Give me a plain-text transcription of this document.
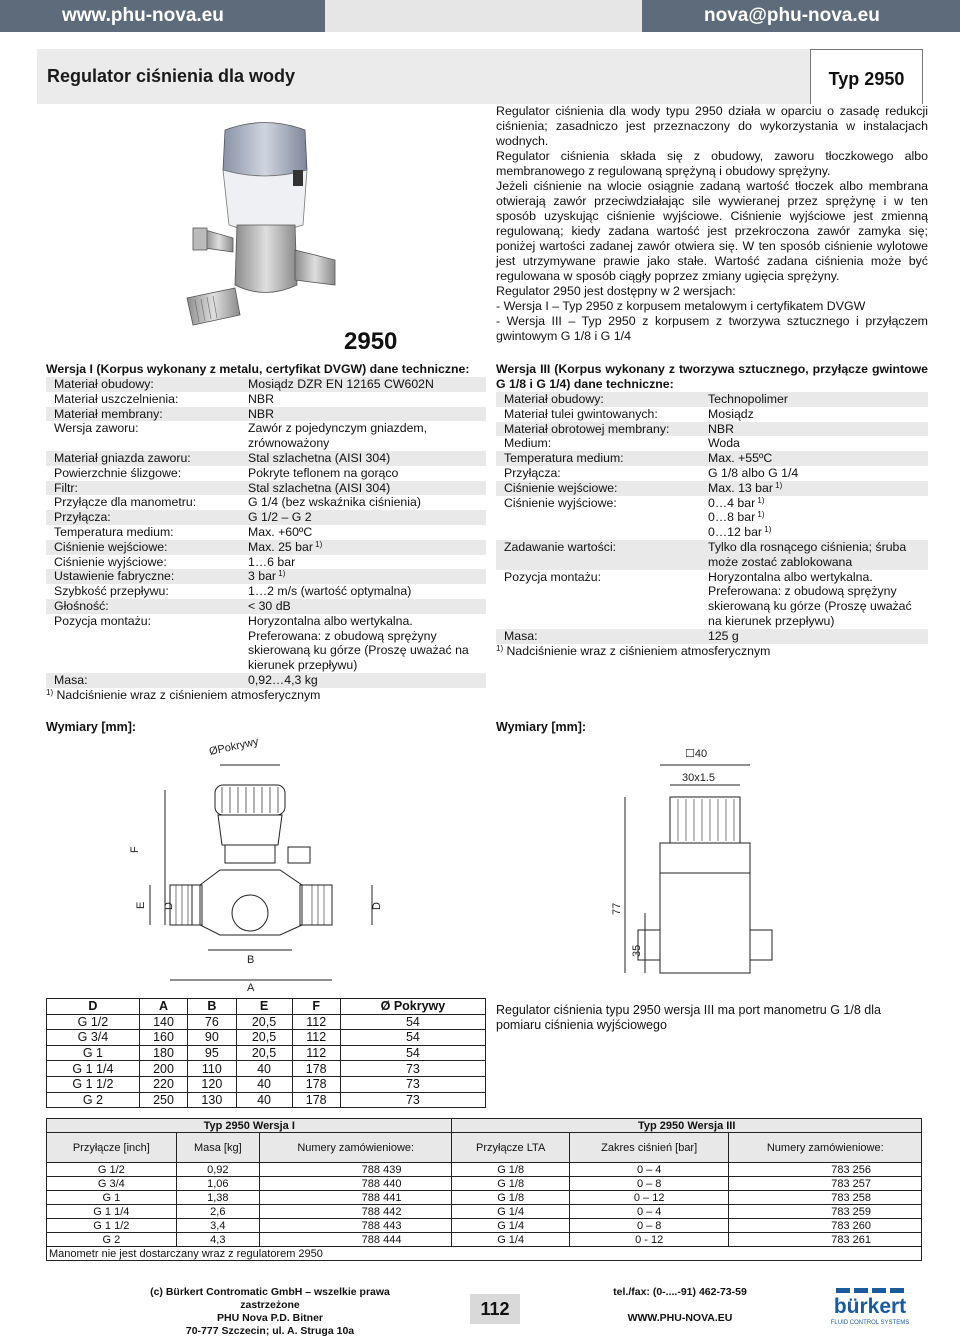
www.phu-nova.eu	nova@phu-nova.eu
Regulator ciśnienia dla wody	Typ 2950
2950

Regulator ciśnienia dla wody typu 2950 działa w oparciu o zasadę redukcji ciśnienia; zasadniczo jest przeznaczony do wykorzystania w instalacjach wodnych.

Regulator ciśnienia składa się z obudowy, zaworu tłoczkowego albo membranowego z regulowaną sprężyną i obudowy sprężyny.

Jeżeli ciśnienie na wlocie osiągnie zadaną wartość tłoczek albo membrana otwierają zawór przeciwdziałając sile wywieranej przez sprężynę i w ten sposób uzyskując ciśnienie wyjściowe. Ciśnienie wyjściowe jest zmienną regulowaną; kiedy zadana wartość jest przekroczona zawór zamyka się; poniżej wartości zadanej zawór otwiera się. W ten sposób ciśnienie wylotowe jest utrzymywane prawie jako stałe. Wartość zadana ciśnienia może być regulowana w sposób ciągły poprzez zmiany ugięcia sprężyny.

Regulator 2950 jest dostępny w 2 wersjach:

- Wersja I – Typ 2950 z korpusem metalowym i certyfikatem DVGW

- Wersja III – Typ 2950 z korpusem z tworzywa sztucznego i przyłączem gwintowym G 1/8 i G 1/4

Wersja I (Korpus wykonany z metalu, certyfikat DVGW) dane techniczne:
Materiał obudowy:	Mosiądz DZR EN 12165 CW602N
Materiał uszczelnienia:	NBR
Materiał membrany:	NBR
Wersja zaworu:	Zawór z pojedynczym gniazdem, zrównoważony
Materiał gniazda zaworu:	Stal szlachetna (AISI 304)
Powierzchnie ślizgowe:	Pokryte teflonem na gorąco
Filtr:	Stal szlachetna (AISI 304)
Przyłącze dla manometru:	G 1/4 (bez wskaźnika ciśnienia)
Przyłącza:	G 1/2 – G 2
Temperatura medium:	Max. +60ºC
Ciśnienie wejściowe:	Max. 25 bar $^{1)}$
Ciśnienie wyjściowe:	1…6 bar
Ustawienie fabryczne:	3 bar $^{1)}$
Szybkość przepływu:	1…2 m/s (wartość optymalna)
Głośność:	< 30 dB
Pozycja montażu:	Horyzontalna albo wertykalna. Preferowana: z obudową sprężyny skierowaną ku górze (Proszę uważać na kierunek przepływu)
Masa:	0,92…4,3 kg
$^{1)}$ Nadciśnienie wraz z ciśnieniem atmosferycznym
Wersja III (Korpus wykonany z tworzywa sztucznego, przyłącze gwintowe G 1/8 i G 1/4) dane techniczne:
Materiał obudowy:	Technopolimer
Materiał tulei gwintowanych:	Mosiądz
Materiał obrotowej membrany:	NBR
Medium:	Woda
Temperatura medium:	Max. +55ºC
Przyłącza:	G 1/8 albo G 1/4
Ciśnienie wejściowe:	Max. 13 bar $^{1)}$
Ciśnienie wyjściowe:	0…4 bar $^{1)}$
0…8 bar $^{1)}$
0…12 bar $^{1)}$
Zadawanie wartości:	Tylko dla rosnącego ciśnienia; śruba może zostać zablokowana
Pozycja montażu:	Horyzontalna albo wertykalna. Preferowana: z obudową sprężyny skierowaną ku górze (Proszę uważać na kierunek przepływu)
Masa:	125 g
$^{1)}$ Nadciśnienie wraz z ciśnieniem atmosferycznym
Wymiary [mm]:	Wymiary [mm]:
ØPokrywy
F
E D	D
B
A
☐40
30x1.5
77
35
D	A	B	E	F	Ø Pokrywy
G 1/2	140	76	20,5	112	54
G 3/4	160	90	20,5	112	54
G 1	180	95	20,5	112	54
G 1 1/4	200	110	40	178	73
G 1 1/2	220	120	40	178	73
G 2	250	130	40	178	73
Regulator ciśnienia typu 2950 wersja III ma port manometru G 1/8 dla pomiaru ciśnienia wyjściowego
Typ 2950 Wersja I			Typ 2950 Wersja III		
Przyłącze [inch]	Masa [kg]	Numery zamówieniowe:	Przyłącze LTA	Zakres ciśnień [bar]	Numery zamówieniowe:
G 1/2	0,92	788 439	G 1/8	0 – 4	783 256
G 3/4	1,06	788 440	G 1/8	0 – 8	783 257
G 1	1,38	788 441	G 1/8	0 – 12	783 258
G 1 1/4	2,6	788 442	G 1/4	0 – 4	783 259
G 1 1/2	3,4	788 443	G 1/4	0 – 8	783 260
G 2	4,3	788 444	G 1/4	0 - 12	783 261
Manometr nie jest dostarczany wraz z regulatorem 2950					
(c) Bürkert Contromatic GmbH – wszelkie prawa zastrzeżone
PHU Nova P.D. Bitner
70-777 Szczecin; ul. A. Struga 10a
112
tel./fax: (0-....-91) 462-73-59
WWW.PHU-NOVA.EU	bürkert
FLUID CONTROL SYSTEMS
